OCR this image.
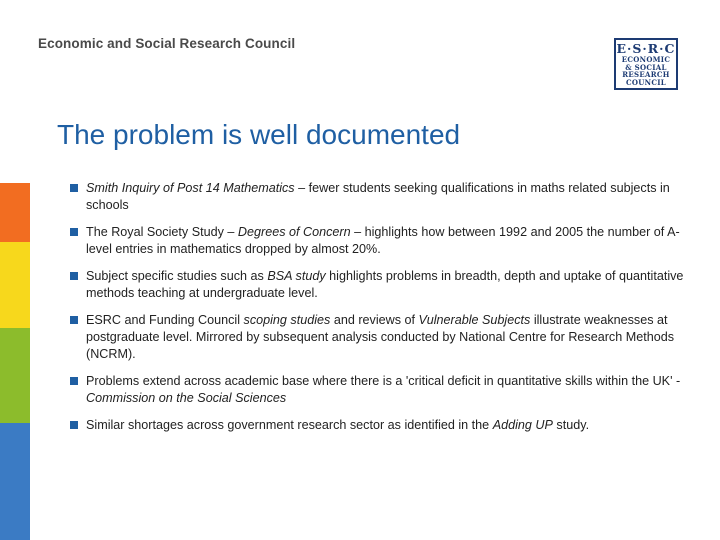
Economic and Social Research Council	E·S·R·C
ECONOMIC
& SOCIAL
RESEARCH
COUNCIL
The problem is well documented
Smith Inquiry of Post 14 Mathematics – fewer students seeking qualifications in maths related subjects in schools
The Royal Society Study – Degrees of Concern – highlights how between 1992 and 2005 the number of A-level entries in mathematics dropped by almost 20%.
Subject specific studies such as BSA study highlights problems in breadth, depth and uptake of quantitative methods teaching at undergraduate level.
ESRC and Funding Council scoping studies and reviews of Vulnerable Subjects illustrate weaknesses at postgraduate level. Mirrored by subsequent analysis conducted by National Centre for Research Methods (NCRM).
Problems extend across academic base where there is a 'critical deficit in quantitative skills within the UK' - Commission on the Social Sciences
Similar shortages across government research sector as identified in the Adding UP study.
